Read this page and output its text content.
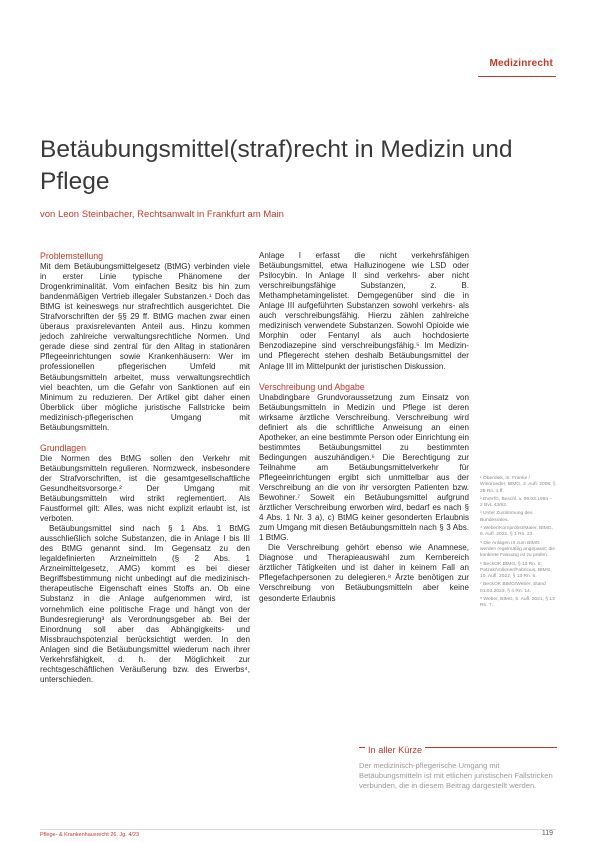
Medizinrecht
Betäubungsmittel(straf)recht in Medizin und Pflege
von Leon Steinbacher, Rechtsanwalt in Frankfurt am Main
Problemstellung

Mit dem Betäubungsmittelgesetz (BtMG) verbinden viele in erster Linie typische Phänomene der Drogenkriminalität. Vom einfachen Besitz bis hin zum bandenmäßigen Vertrieb illegaler Substanzen.¹ Doch das BtMG ist keineswegs nur strafrechtlich ausgerichtet. Die Strafvorschriften der §§ 29 ff. BtMG machen zwar einen überaus praxisrelevanten Anteil aus. Hinzu kommen jedoch zahlreiche verwaltungsrechtliche Normen. Und gerade diese sind zentral für den Alltag in stationären Pflegeeinrichtungen sowie Krankenhäusern: Wer im professionellen pflegerischen Umfeld mit Betäubungsmitteln arbeitet, muss verwaltungsrechtlich viel beachten, um die Gefahr von Sanktionen auf ein Minimum zu reduzieren. Der Artikel gibt daher einen Überblick über mögliche juristische Fallstricke beim medizinisch-pflegerischen Umgang mit Betäubungsmitteln.

Grundlagen

Die Normen des BtMG sollen den Verkehr mit Betäubungsmitteln regulieren. Normzweck, insbesondere der Strafvorschriften, ist die gesamtgesellschaftliche Gesundheitsvorsorge.² Der Umgang mit Betäubungsmitteln wird strikt reglementiert. Als Faustformel gilt: Alles, was nicht explizit erlaubt ist, ist verboten.

Betäubungsmittel sind nach § 1 Abs. 1 BtMG ausschließlich solche Substanzen, die in Anlage I bis III des BtMG genannt sind. Im Gegensatz zu den legaldefinierten Arzneimitteln (§ 2 Abs. 1 Arzneimittelgesetz, AMG) kommt es bei dieser Begriffsbestimmung nicht unbedingt auf die medizinisch-therapeutische Eigenschaft eines Stoffs an. Ob eine Substanz in die Anlage aufgenommen wird, ist vornehmlich eine politische Frage und hängt von der Bundesregierung³ als Verordnungsgeber ab. Bei der Einordnung soll aber das Abhängigkeits- und Missbrauchspotenzial berücksichtigt werden. In den Anlagen sind die Betäubungsmittel wiederum nach ihrer Verkehrsfähigkeit, d. h. der Möglichkeit zur rechtsgeschäftlichen Veräußerung bzw. des Erwerbs⁴, unterschieden.

Anlage I erfasst die nicht verkehrsfähigen Betäubungsmittel, etwa Halluzinogene wie LSD oder Psilocybin. In Anlage II sind verkehrs- aber nicht verschreibungsfähige Substanzen, z. B. Methamphetamingelistet. Demgegenüber sind die in Anlage III aufgeführten Substanzen sowohl verkehrs- als auch verschreibungsfähig. Hierzu zählen zahlreiche medizinisch verwendete Substanzen. Sowohl Opioide wie Morphin oder Fentanyl als auch hochdosierte Benzodiazepine sind verschreibungsfähig.⁵ Im Medizin- und Pflegerecht stehen deshalb Betäubungsmittel der Anlage III im Mittelpunkt der juristischen Diskussion.

Verschreibung und Abgabe

Unabdingbare Grundvoraussetzung zum Einsatz von Betäubungsmitteln in Medizin und Pflege ist deren wirksame ärztliche Verschreibung. Verschreibung wird definiert als die schriftliche Anweisung an einen Apotheker, an eine bestimmte Person oder Einrichtung ein bestimmtes Betäubungsmittel zu bestimmten Bedingungen auszuhändigen.⁶ Die Berechtigung zur Teilnahme am Betäubungsmittelverkehr für Pflegeeinrichtungen ergibt sich unmittelbar aus der Verschreibung an die von ihr versorgten Patienten bzw. Bewohner.⁷ Soweit ein Betäubungsmittel aufgrund ärztlicher Verschreibung erworben wird, bedarf es nach § 4 Abs. 1 Nr. 3 a), c) BtMG keiner gesonderten Erlaubnis zum Umgang mit diesen Betäubungsmitteln nach § 3 Abs. 1 BtMG.

Die Verschreibung gehört ebenso wie Anamnese, Diagnose und Therapieauswahl zum Kernbereich ärztlicher Tätigkeiten und ist daher in keinem Fall an Pflegefachpersonen zu delegieren.⁸ Ärzte benötigen zur Verschreibung von Betäubungsmitteln aber keine gesonderte Erlaubnis

¹ Oberdiek, in: Franke / Wienroeder, BtMG, 3. Aufl. 2008, § 29 Rn. 1 ff.
² BVerfG, Beschl. v. 09.03.1994 – 2 BvL 43/92.
³ Unter Zustimmung des Bundesrates.
⁴ Weber/Kornprobst/Maier, BtMG, 6. Aufl. 2021, § 1 Rn. 23.
⁵ Die Anlagen III zum BtMG werden regelmäßig angepasst; die konkrete Fassung ist zu prüfen.
⁶ BeckOK BtMG, § 13 Rn. 5; Patzak/Volkmer/Fabricius, BtMG, 10. Aufl. 2022, § 13 Rn. 6.
⁷ BeckOK BtMG/Weber, Stand 01.03.2023, § 4 Rn. 14.
⁸ Weber, BtMG, 6. Aufl. 2021, § 13 Rn. 7.
In aller Kürze
Der medizinisch-pflegerische Umgang mit Betäubungsmitteln ist mit etlichen juristischen Fallstricken verbunden, die in diesem Beitrag dargestellt werden.
Pflege- & Krankenhausrecht 26. Jg. 4/23	119
